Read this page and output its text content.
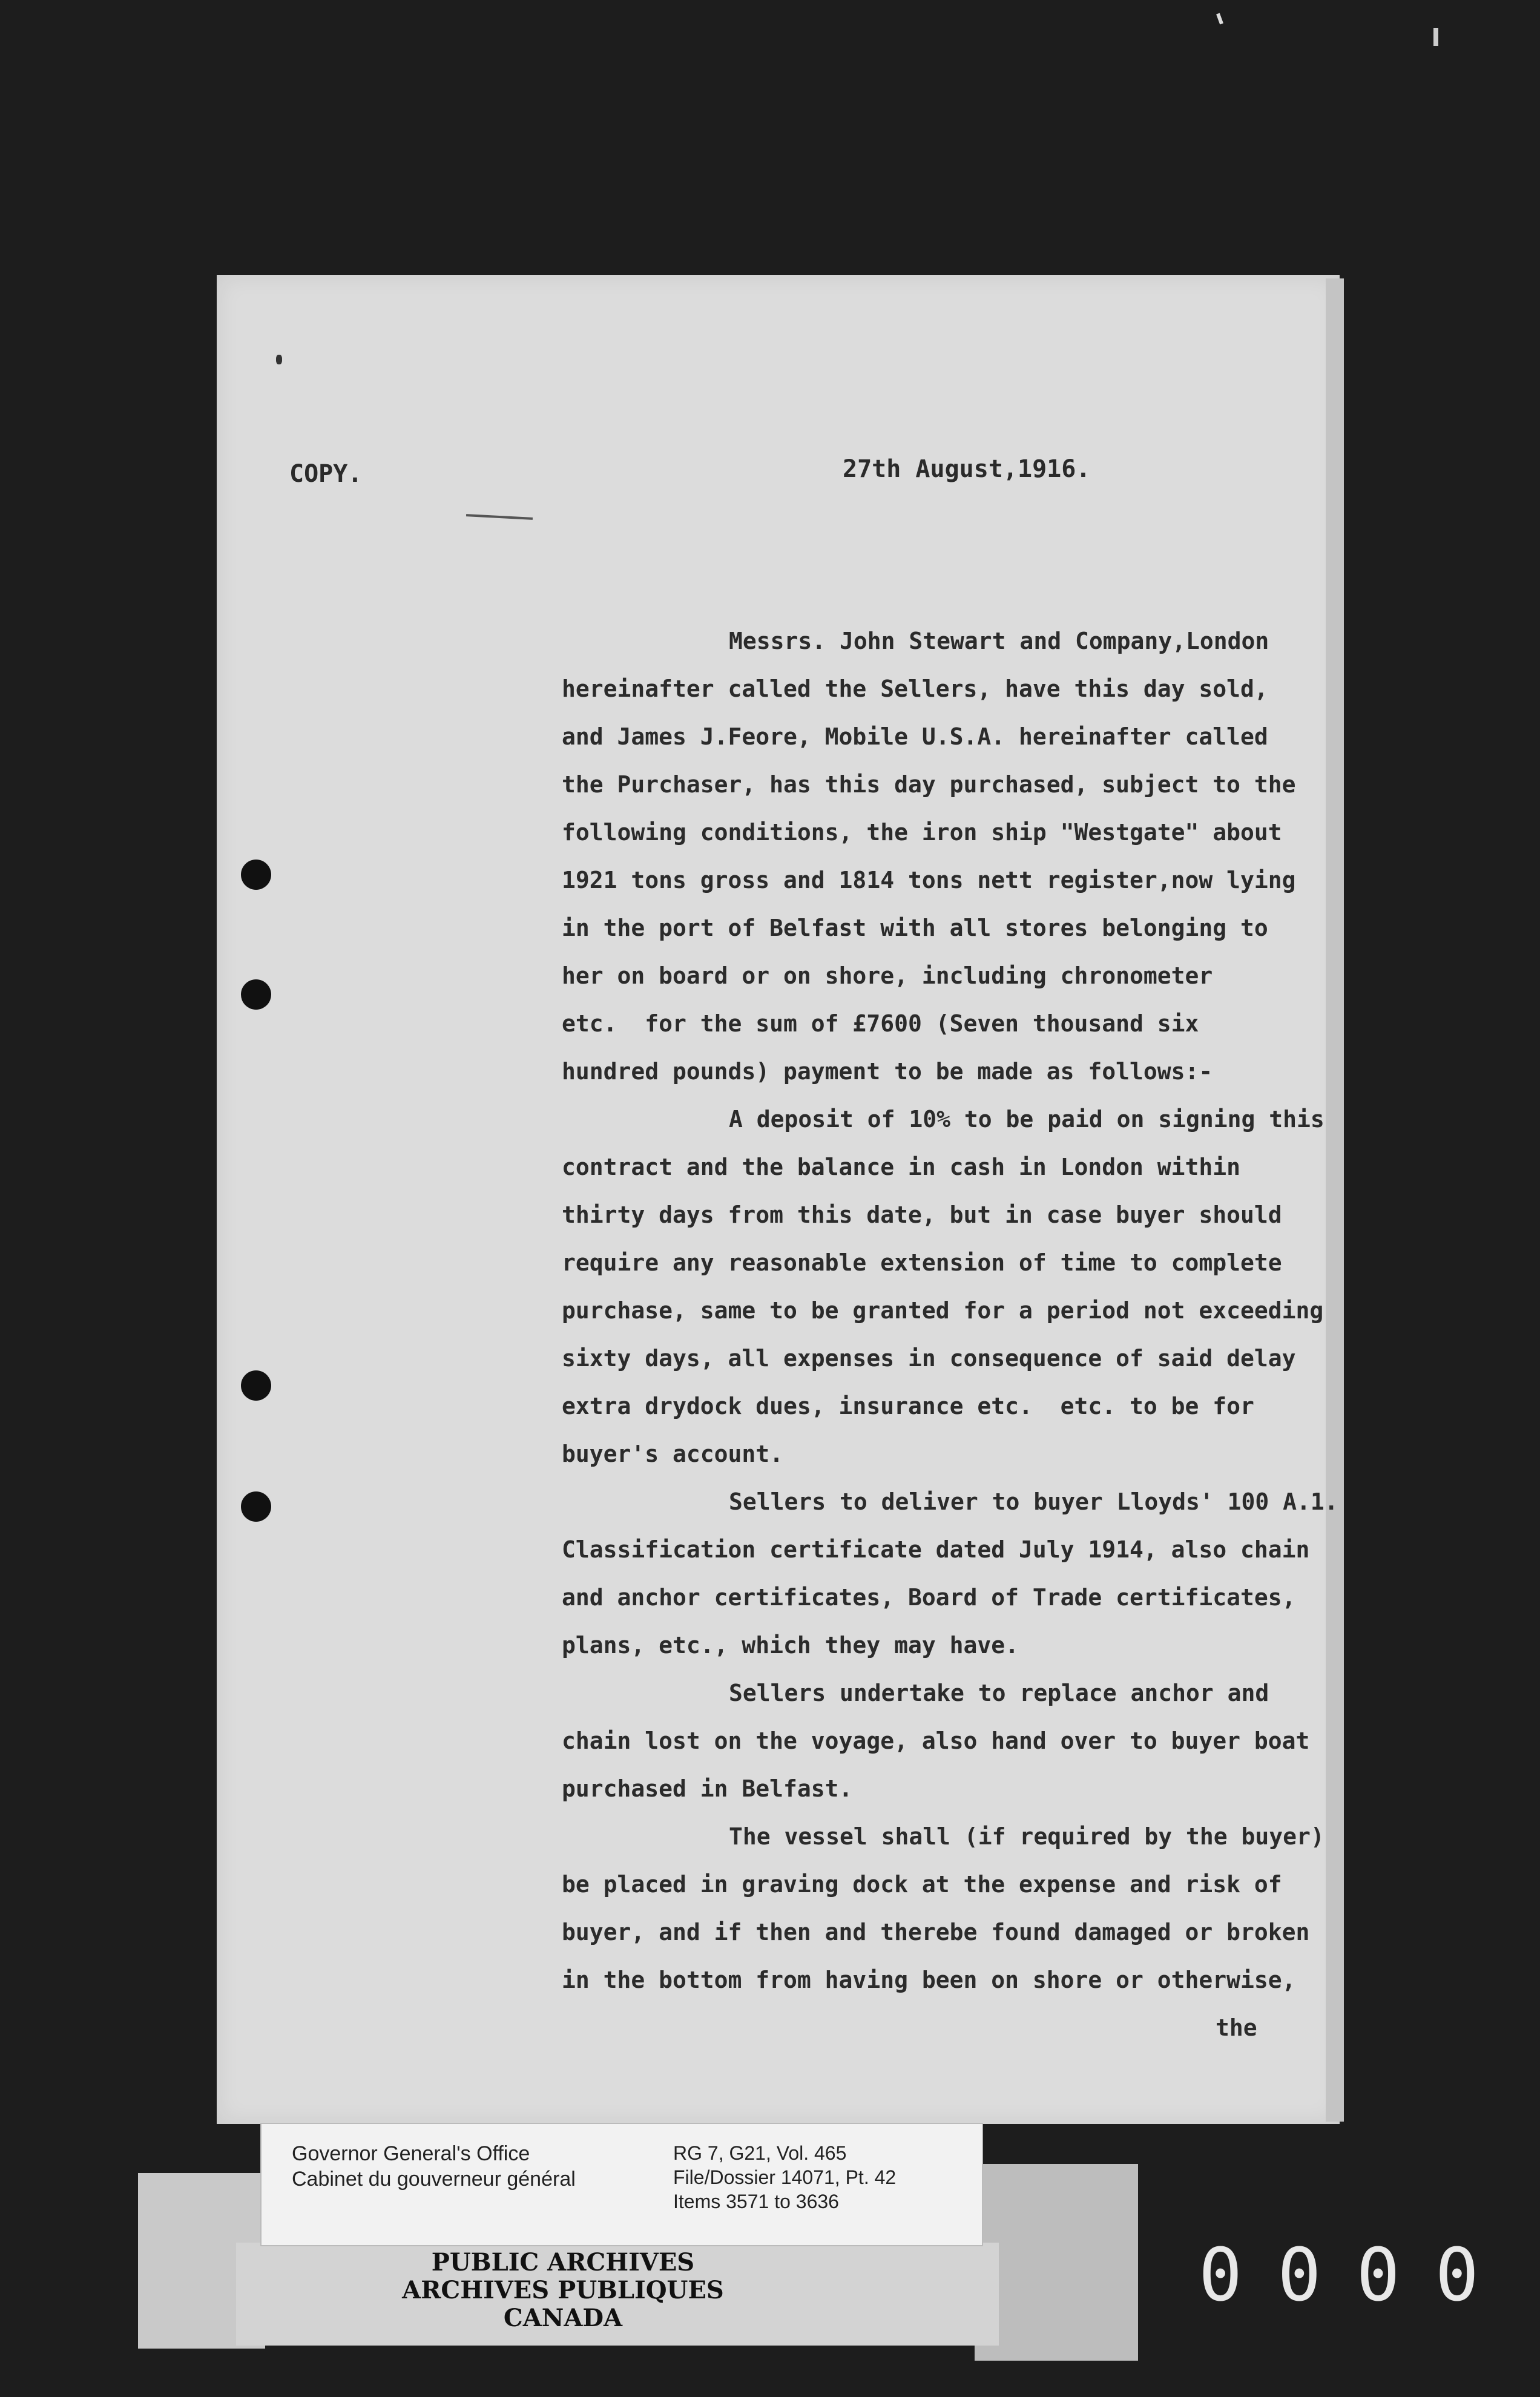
COPY.	27th August,1916.
Messrs. John Stewart and Company,London
hereinafter called the Sellers, have this day sold,
and James J.Feore, Mobile U.S.A. hereinafter called
the Purchaser, has this day purchased, subject to the
following conditions, the iron ship "Westgate" about
1921 tons gross and 1814 tons nett register,now lying
in the port of Belfast with all stores belonging to
her on board or on shore, including chronometer
etc.  for the sum of £7600 (Seven thousand six
hundred pounds) payment to be made as follows:-
A deposit of 10% to be paid on signing this
contract and the balance in cash in London within
thirty days from this date, but in case buyer should
require any reasonable extension of time to complete
purchase, same to be granted for a period not exceeding
sixty days, all expenses in consequence of said delay
extra drydock dues, insurance etc.  etc. to be for
buyer's account.
Sellers to deliver to buyer Lloyds' 100 A.1.
Classification certificate dated July 1914, also chain
and anchor certificates, Board of Trade certificates,
plans, etc., which they may have.
Sellers undertake to replace anchor and
chain lost on the voyage, also hand over to buyer boat
purchased in Belfast.
The vessel shall (if required by the buyer)
be placed in graving dock at the expense and risk of
buyer, and if then and therebe found damaged or broken
in the bottom from having been on shore or otherwise,
the
Governor General's Office
Cabinet du gouverneur général
RG 7, G21, Vol. 465
File/Dossier 14071, Pt. 42
Items 3571 to 3636
PUBLIC ARCHIVES
ARCHIVES PUBLIQUES
CANADA
0000
